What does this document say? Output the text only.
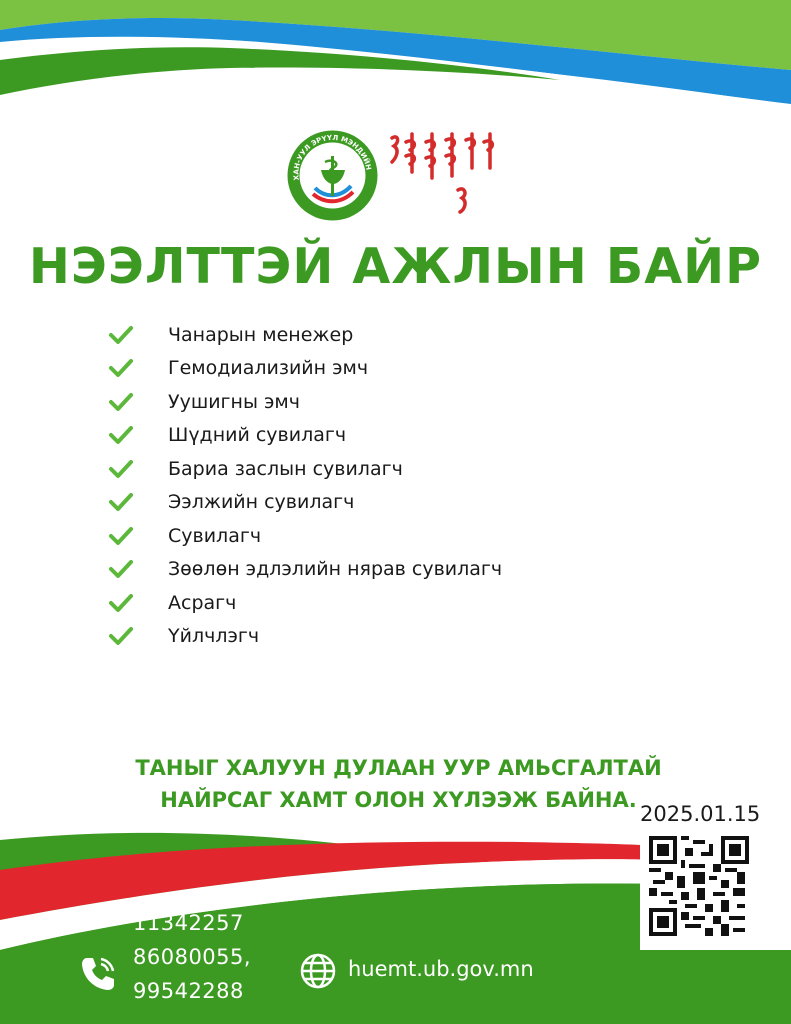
ХАН-УУЛ ЭРҮҮЛ МЭНДИЙН
НЭЭЛТТЭЙ АЖЛЫН БАЙР
Чанарын менежер
Гемодиализийн эмч
Уушигны эмч
Шүдний сувилагч
Бариа заслын сувилагч
Ээлжийн сувилагч
Сувилагч
Зөөлөн эдлэлийн нярав сувилагч
Асрагч
Үйлчлэгч
ТАНЫГ ХАЛУУН ДУЛААН УУР АМЬСГАЛТАЙ
НАЙРСАГ ХАМТ ОЛОН ХҮЛЭЭЖ БАЙНА.
2025.01.15
11342257
86080055,
99542288
huemt.ub.gov.mn
